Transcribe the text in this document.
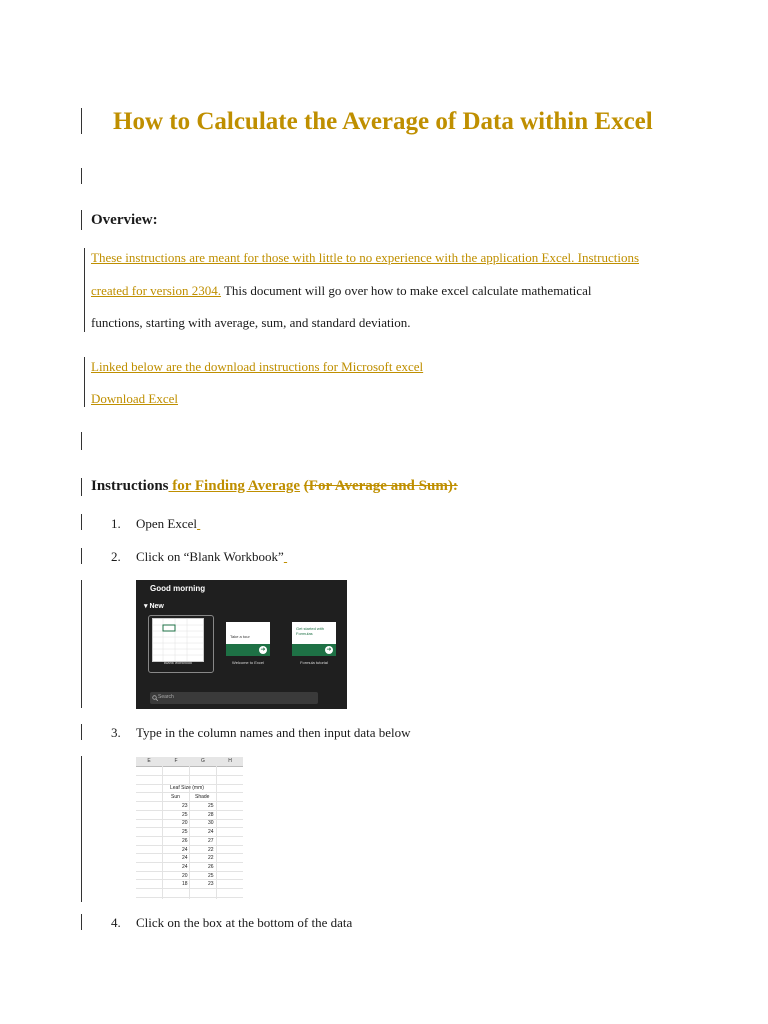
How to Calculate the Average of Data within Excel
Overview:
These instructions are meant for those with little to no experience with the application Excel. Instructions
created for version 2304. This document will go over how to make excel calculate mathematical
functions, starting with average, sum, and standard deviation.
Linked below are the download instructions for Microsoft excel
Download Excel
Instructions for Finding Average (For Average and Sum):
1. Open Excel
2. Click on “Blank Workbook”
Good morning
▾ New
Blank workbook
Take a tour
➜
Welcome to Excel
Get started with Formulas
➜
Formula tutorial
Search
3. Type in the column names and then input data below
E	F	G	H
Leaf Size (mm)
Sun	Shade
23	25
25	28
20	30
25	24
26	27
24	22
24	22
24	26
20	25
18	23
4. Click on the box at the bottom of the data
